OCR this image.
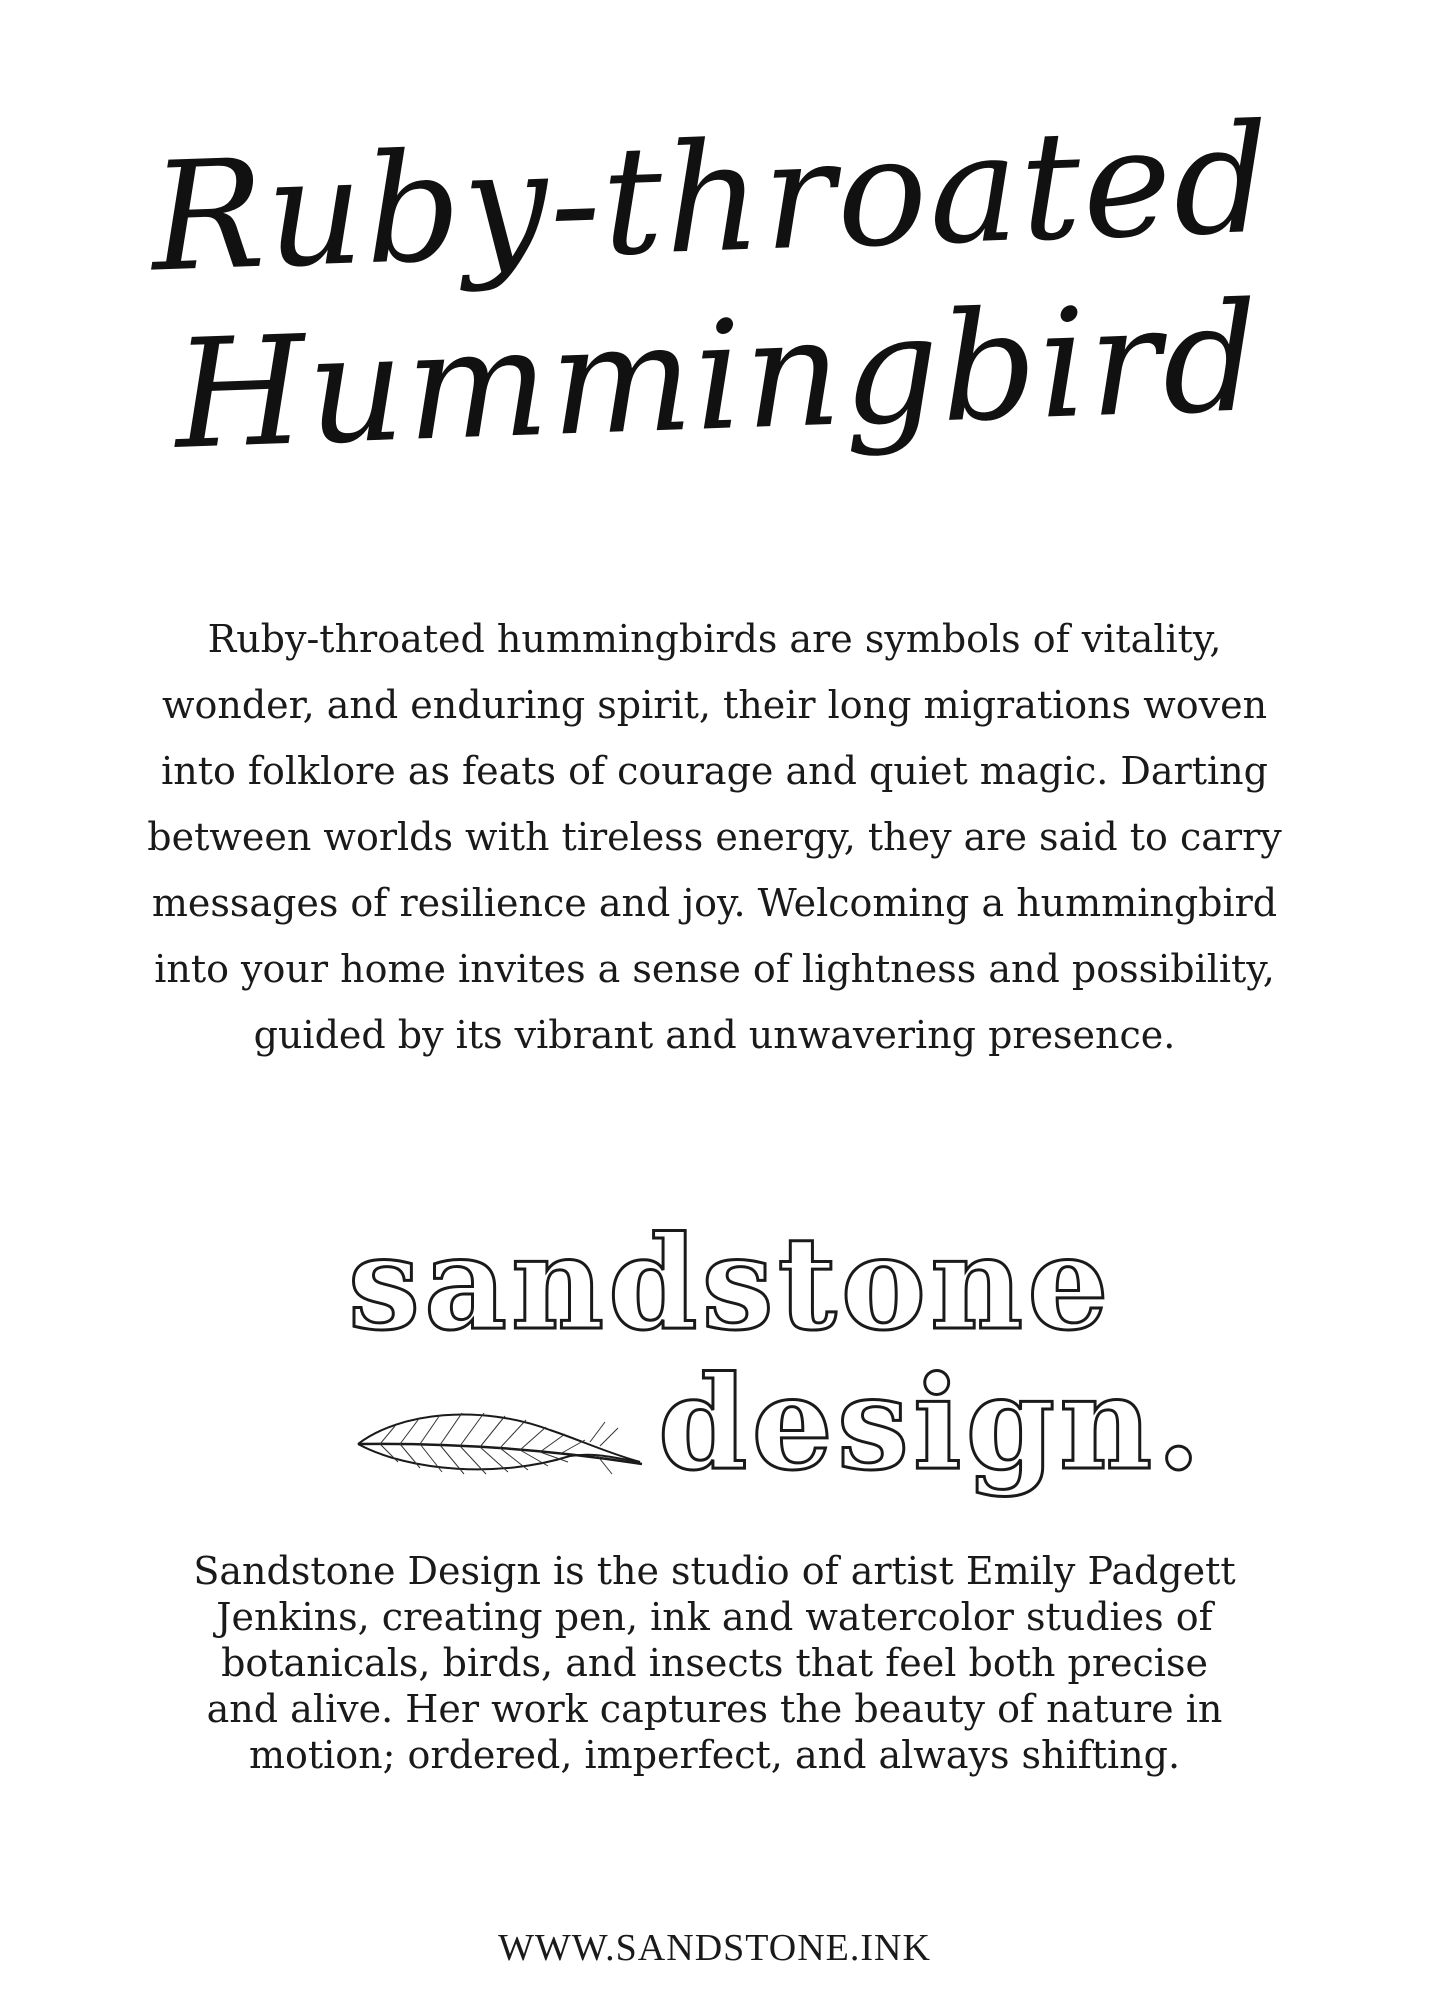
Ruby-throated
Hummingbird

Ruby-throated hummingbirds are symbols of vitality, wonder, and enduring spirit, their long migrations woven into folklore as feats of courage and quiet magic. Darting between worlds with tireless energy, they are said to carry messages of resilience and joy. Welcoming a hummingbird into your home invites a sense of lightness and possibility, guided by its vibrant and unwavering presence.

sandstone
design.

Sandstone Design is the studio of artist Emily Padgett Jenkins, creating pen, ink and watercolor studies of botanicals, birds, and insects that feel both precise and alive. Her work captures the beauty of nature in motion; ordered, imperfect, and always shifting.

WWW.SANDSTONE.INK
